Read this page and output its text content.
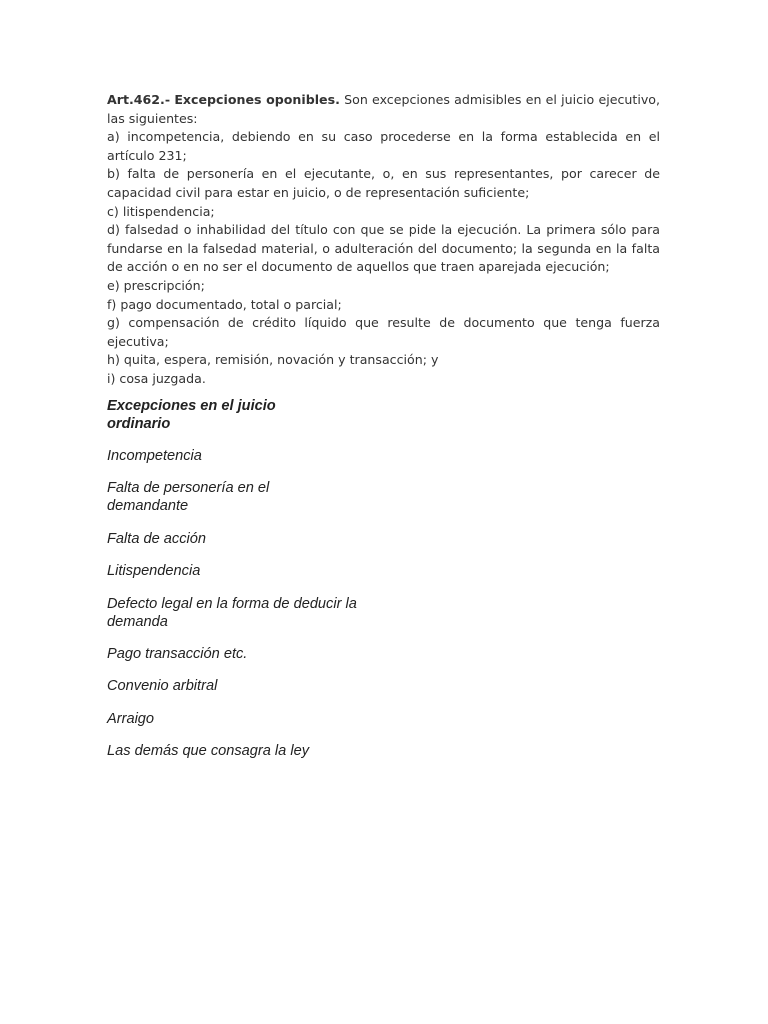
Art.462.- Excepciones oponibles. Son excepciones admisibles en el juicio ejecutivo, las siguientes:

a) incompetencia, debiendo en su caso procederse en la forma establecida en el artículo 231;

b) falta de personería en el ejecutante, o, en sus representantes, por carecer de capacidad civil para estar en juicio, o de representación suficiente;

c) litispendencia;

d) falsedad o inhabilidad del título con que se pide la ejecución. La primera sólo para fundarse en la falsedad material, o adulteración del documento; la segunda en la falta de acción o en no ser el documento de aquellos que traen aparejada ejecución;

e) prescripción;

f) pago documentado, total o parcial;

g) compensación de crédito líquido que resulte de documento que tenga fuerza ejecutiva;

h) quita, espera, remisión, novación y transacción; y

i) cosa juzgada.

Excepciones en el juicio ordinario
Incompetencia
Falta de personería en el demandante
Falta de acción
Litispendencia
Defecto legal en la forma de deducir la demanda
Pago transacción etc.
Convenio arbitral
Arraigo
Las demás que consagra la ley
